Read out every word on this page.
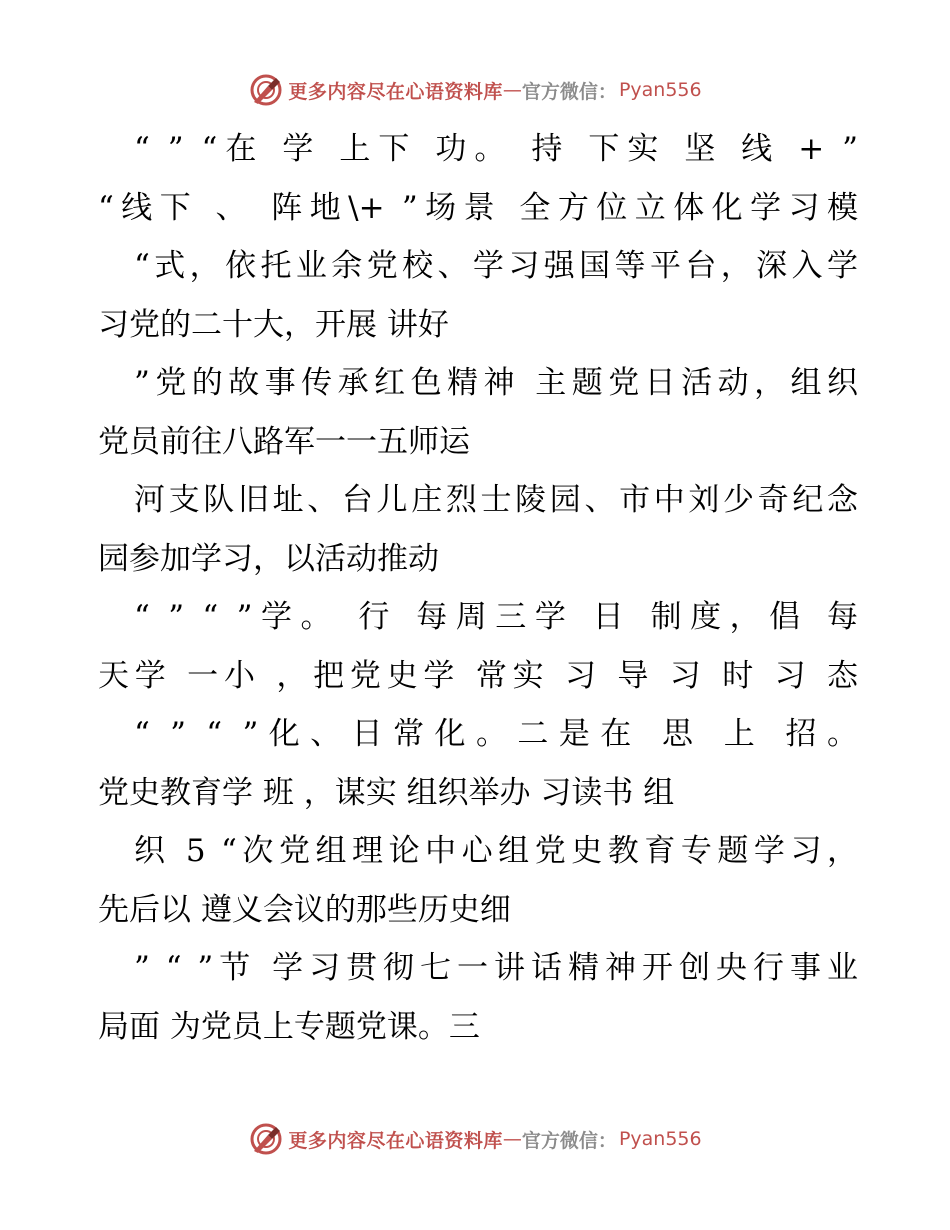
更多内容尽在心语资料库 — 官方微信： Pyan556
“ ” “在 学 上下 功。 持 下实 坚 线 + ”
“线下 、 阵地\+ ”场景 全方位立体化学习模
“式，依托业余党校、学习强国等平台，深入学
习党的二十大，开展 讲好
”党的故事传承红色精神 主题党日活动，组织
党员前往八路军一一五师运
河支队旧址、台儿庄烈士陵园、市中刘少奇纪念
园参加学习，以活动推动
“ ” “ ”学。 行 每周三学 日 制度，倡 每
天学 一小 ，把党史学 常实 习 导 习 时 习 态
“ ” “ ”化、日常化。二是在 思 上 招。
党史教育学 班 ，谋实 组织举办 习读书 组
织 5 “次党组理论中心组党史教育专题学习，
先后以 遵义会议的那些历史细
” “ ”节 学习贯彻七一讲话精神开创央行事业
局面 为党员上专题党课。三
更多内容尽在心语资料库 — 官方微信： Pyan556
